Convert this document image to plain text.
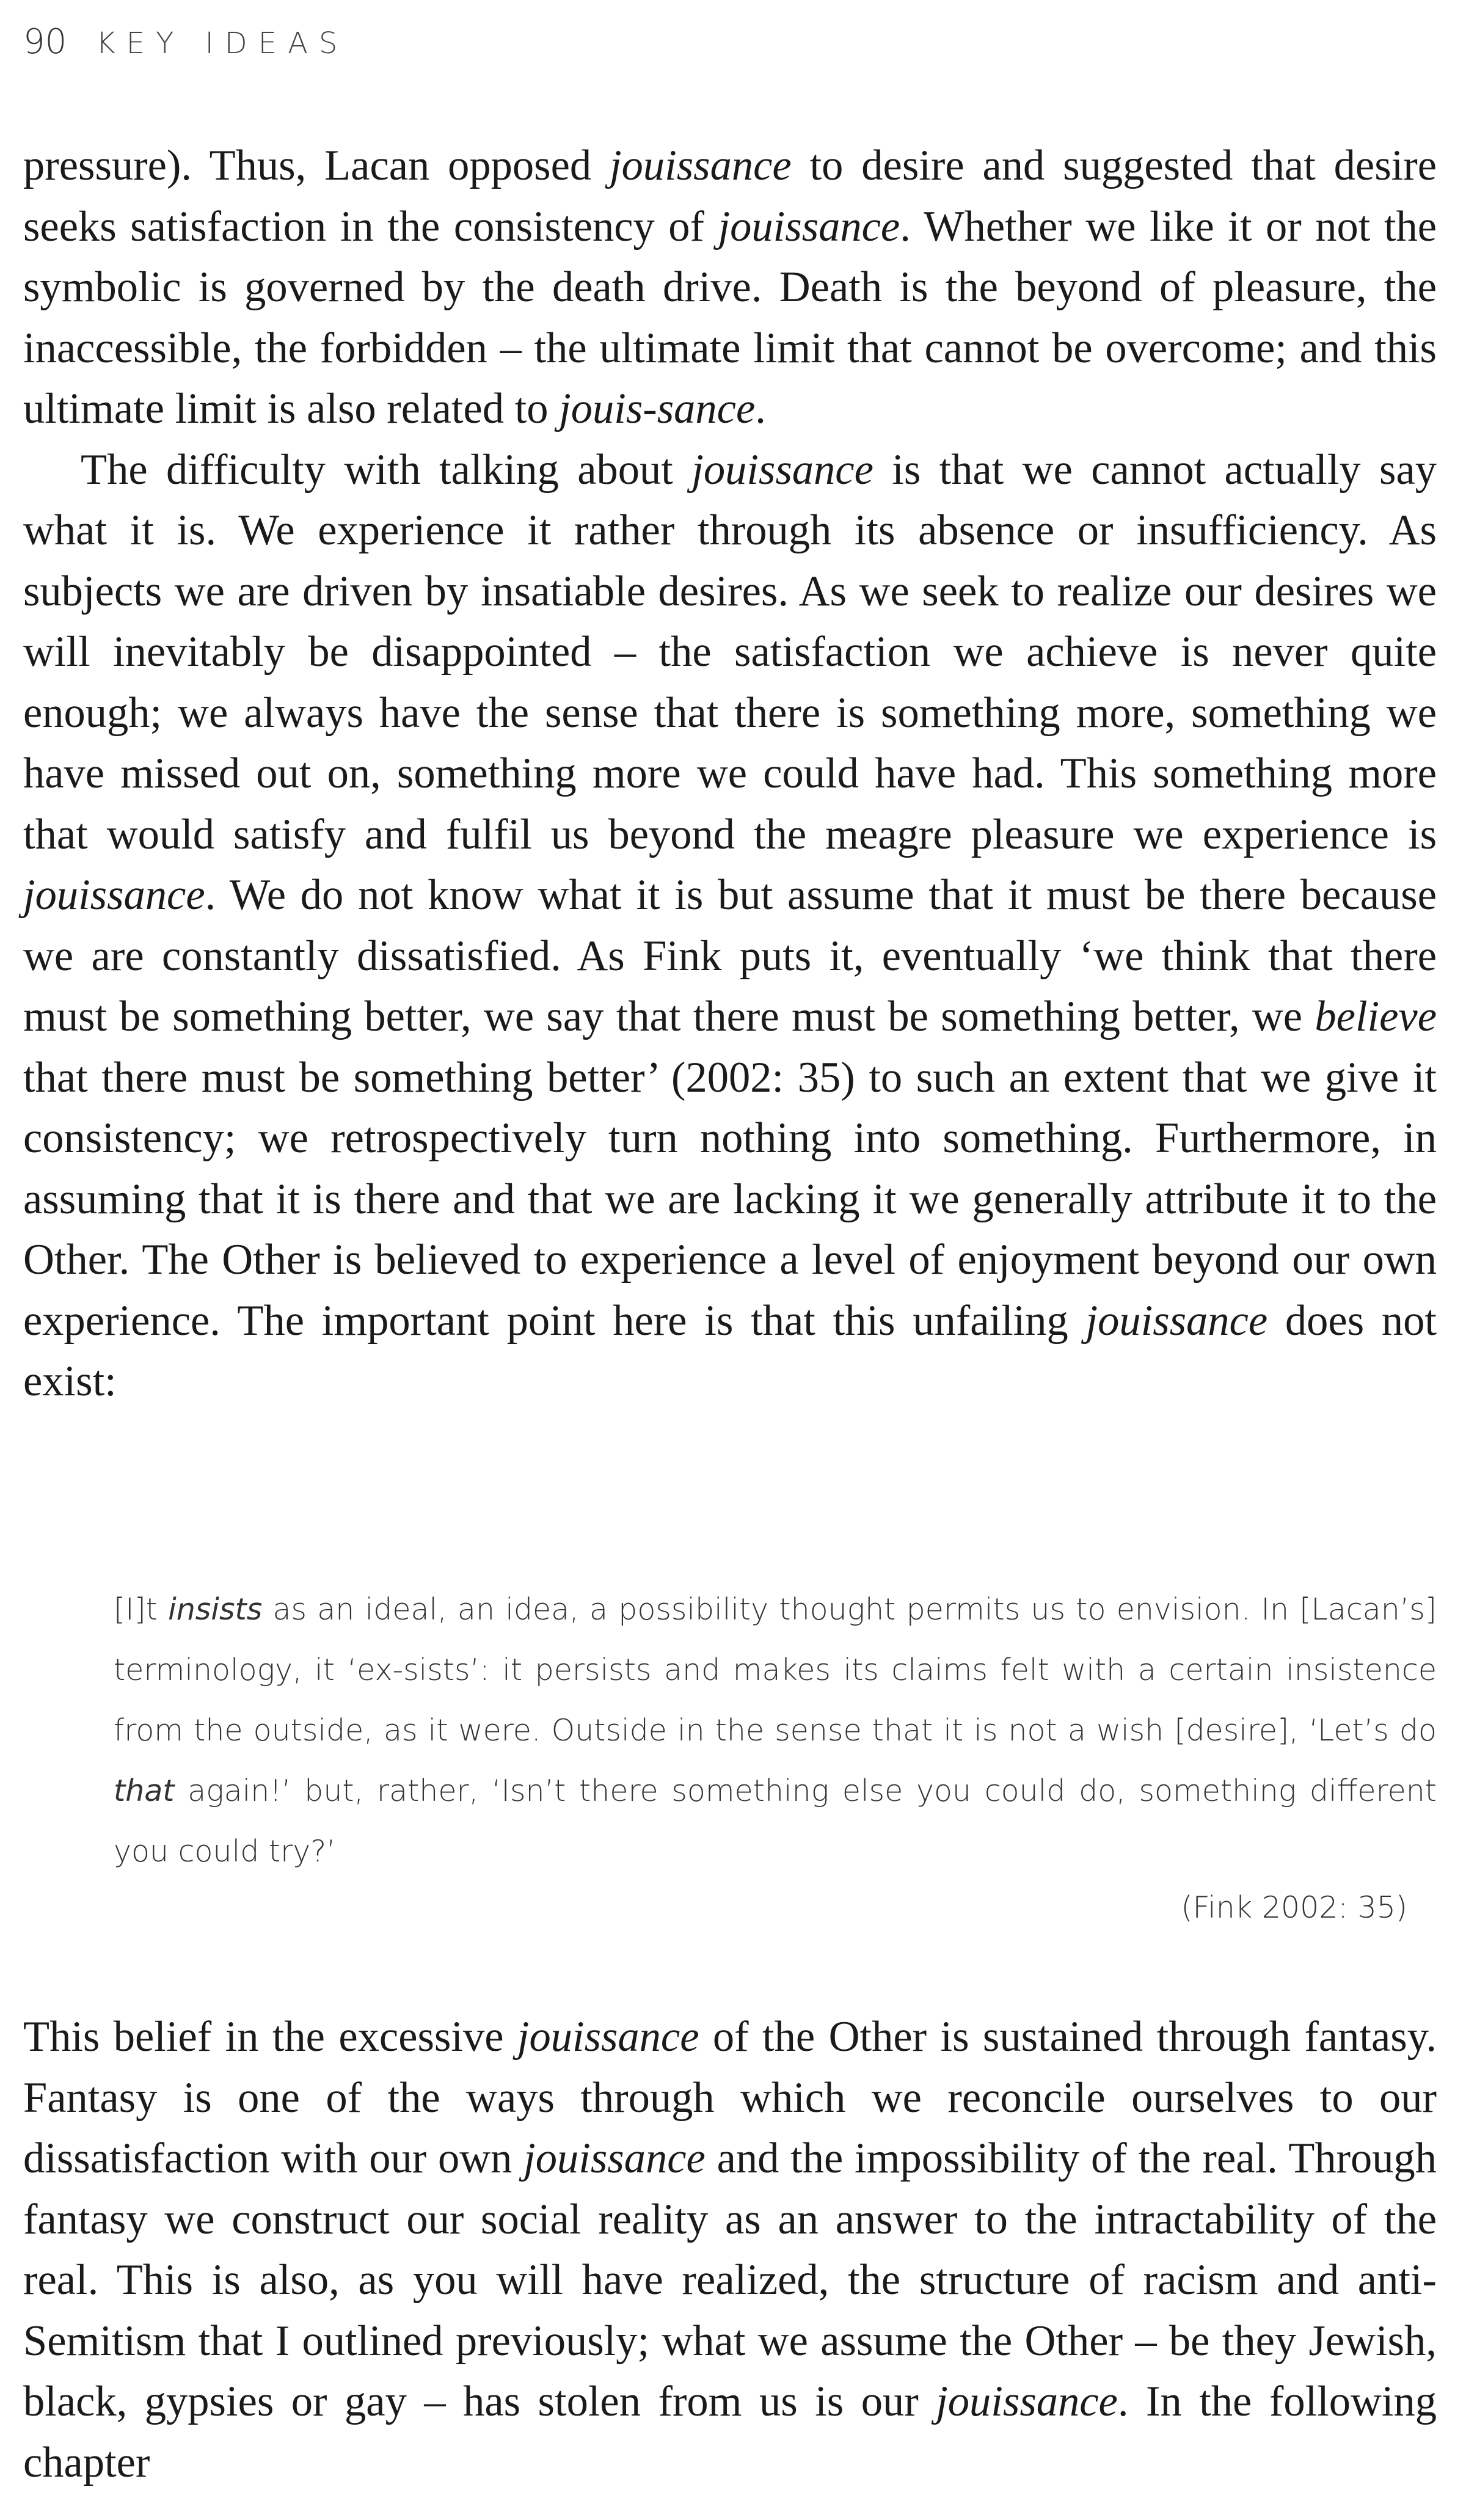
90 KEY IDEAS

pressure). Thus, Lacan opposed jouissance to desire and suggested that desire seeks satisfaction in the consistency of jouissance. Whether we like it or not the symbolic is governed by the death drive. Death is the beyond of pleasure, the inaccessible, the forbidden – the ultimate limit that cannot be overcome; and this ultimate limit is also related to jouis-sance.

The difficulty with talking about jouissance is that we cannot actually say what it is. We experience it rather through its absence or insufficiency. As subjects we are driven by insatiable desires. As we seek to realize our desires we will inevitably be disappointed – the satisfaction we achieve is never quite enough; we always have the sense that there is something more, something we have missed out on, something more we could have had. This something more that would satisfy and fulfil us beyond the meagre pleasure we experience is jouissance. We do not know what it is but assume that it must be there because we are constantly dissatisfied. As Fink puts it, eventually ‘we think that there must be something better, we say that there must be something better, we believe that there must be something better’ (2002: 35) to such an extent that we give it consistency; we retrospectively turn nothing into something. Furthermore, in assuming that it is there and that we are lacking it we generally attribute it to the Other. The Other is believed to experience a level of enjoyment beyond our own experience. The important point here is that this unfailing jouissance does not exist:

[I]t insists as an ideal, an idea, a possibility thought permits us to envision. In [Lacan’s] terminology, it ‘ex-sists’: it persists and makes its claims felt with a certain insistence from the outside, as it were. Outside in the sense that it is not a wish [desire], ‘Let’s do that again!’ but, rather, ‘Isn’t there something else you could do, something different you could try?’

(Fink 2002: 35)

This belief in the excessive jouissance of the Other is sustained through fantasy. Fantasy is one of the ways through which we reconcile ourselves to our dissatisfaction with our own jouissance and the impossibility of the real. Through fantasy we construct our social reality as an answer to the intractability of the real. This is also, as you will have realized, the structure of racism and anti-Semitism that I outlined previously; what we assume the Other – be they Jewish, black, gypsies or gay – has stolen from us is our jouissance. In the following chapter
